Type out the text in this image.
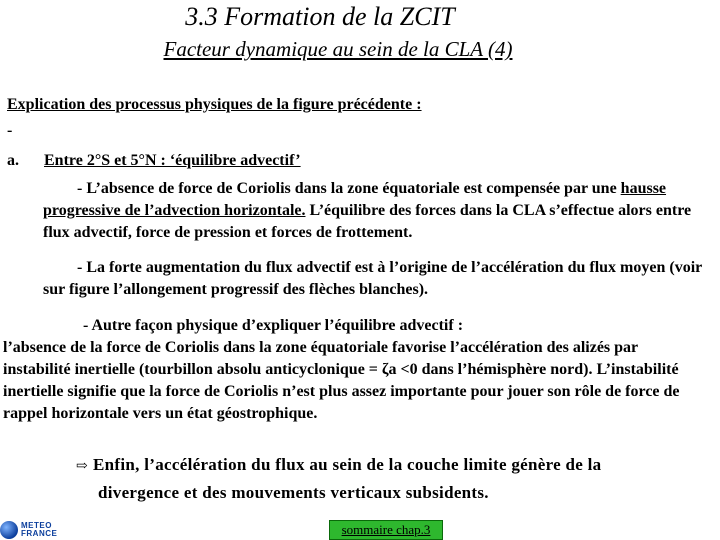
3.3 Formation de la ZCIT
Facteur dynamique au sein de la CLA (4)
Explication des processus physiques de la figure précédente :
-
a. Entre 2°S et 5°N : ‘équilibre advectif’
- L’absence de force de Coriolis dans la zone équatoriale est compensée par une hausse progressive de l’advection horizontale. L’équilibre des forces dans la CLA s’effectue alors entre flux advectif, force de pression et forces de frottement.
- La forte augmentation du flux advectif est à l’origine de l’accélération du flux moyen (voir sur figure l’allongement progressif des flèches blanches).
- Autre façon physique d’expliquer l’équilibre advectif :

l’absence de la force de Coriolis dans la zone équatoriale favorise l’accélération des alizés par instabilité inertielle (tourbillon absolu anticyclonique = ζa <0 dans l’hémisphère nord). L’instabilité inertielle signifie que la force de Coriolis n’est plus assez importante pour jouer son rôle de force de rappel horizontale vers un état géostrophique.
⇨ Enfin, l’accélération du flux au sein de la couche limite génère de la
divergence et des mouvements verticaux subsidents.
METEO
FRANCE	sommaire chap.3
